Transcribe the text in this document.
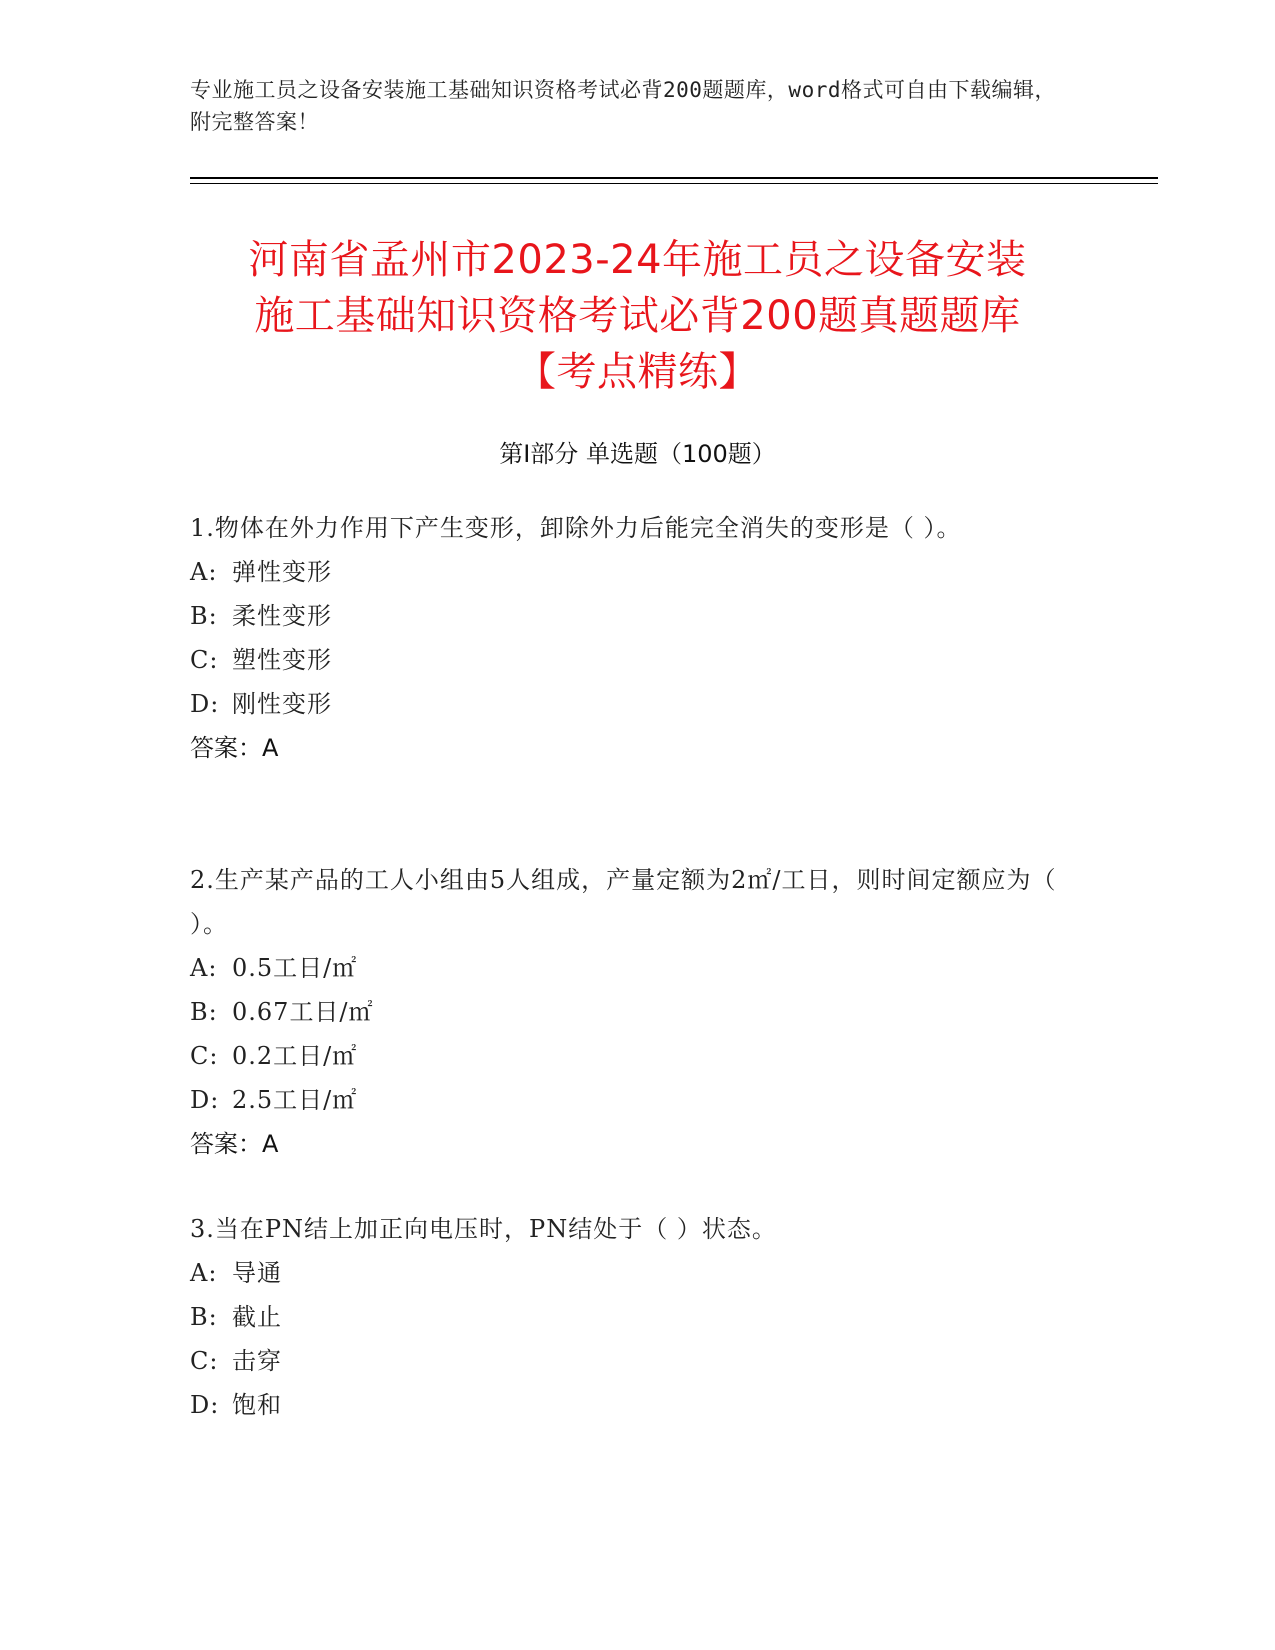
专业施工员之设备安装施工基础知识资格考试必背200题题库，word格式可自由下载编辑，附完整答案！
河南省孟州市2023-24年施工员之设备安装
施工基础知识资格考试必背200题真题题库
【考点精练】
第Ⅰ部分 单选题（100题）

1.物体在外力作用下产生变形，卸除外力后能完全消失的变形是（ ）。

A: 弹性变形

B: 柔性变形

C: 塑性变形

D: 刚性变形

答案：A

2.生产某产品的工人小组由5人组成，产量定额为2㎡/工日，则时间定额应为（ ）。

A: 0.5工日/㎡

B: 0.67工日/㎡

C: 0.2工日/㎡

D: 2.5工日/㎡

答案：A

3.当在PN结上加正向电压时，PN结处于（ ）状态。

A: 导通

B: 截止

C: 击穿

D: 饱和
